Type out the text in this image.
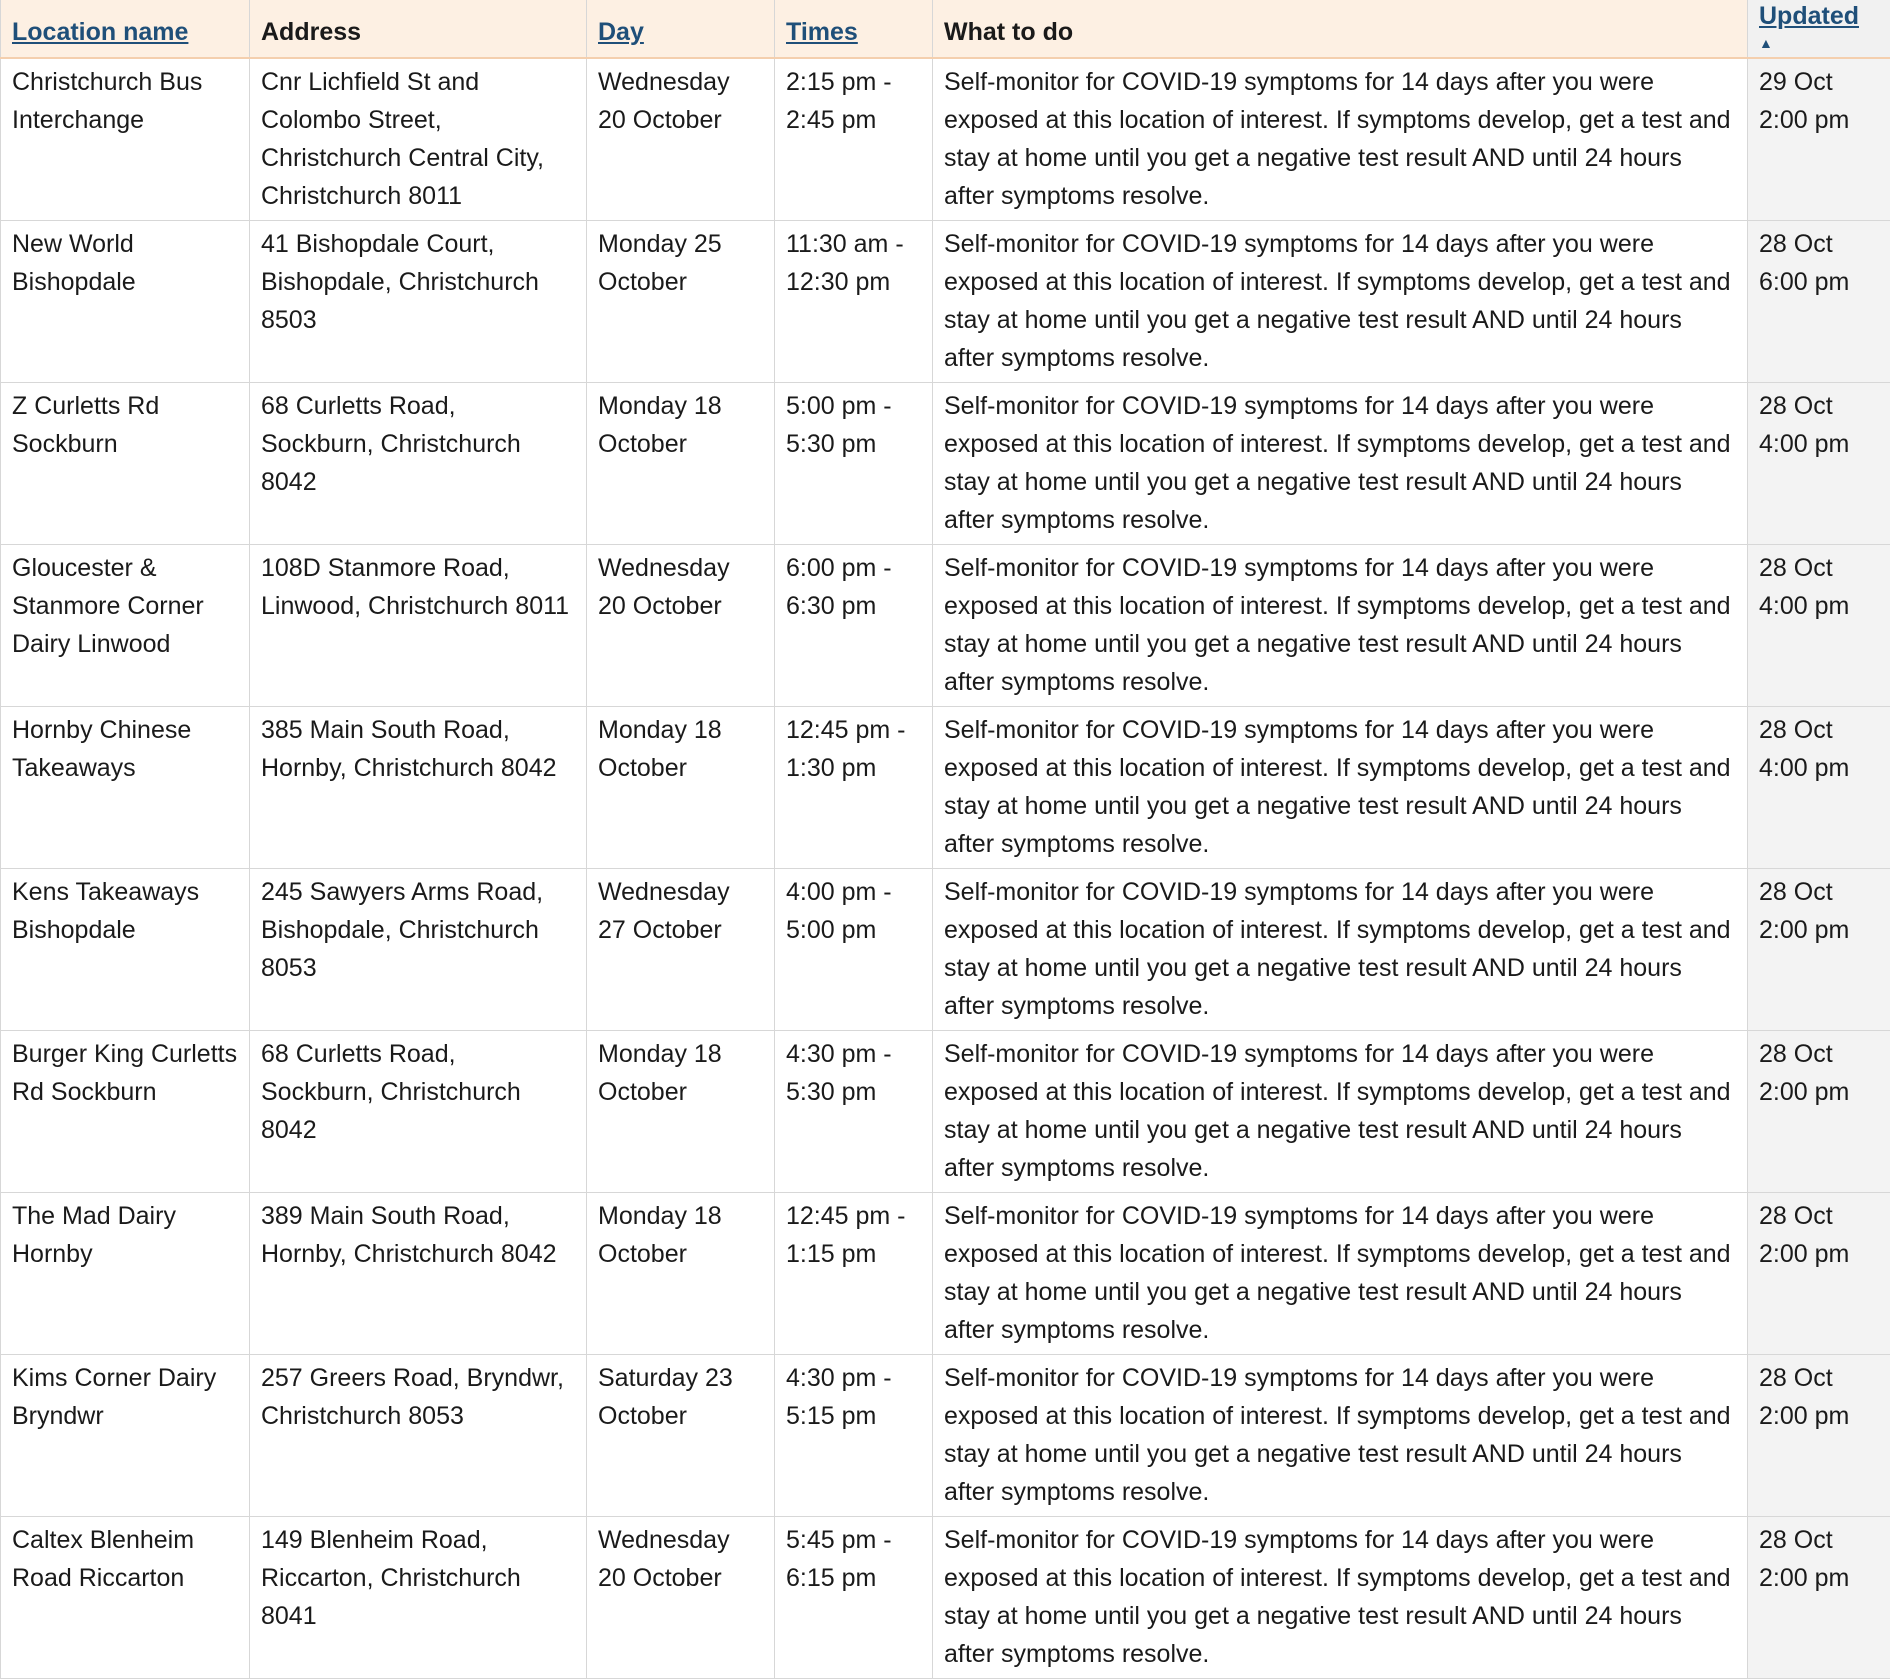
Location name	Address	Day	Times	What to do	Updated
▲

Christchurch Bus Interchange	Cnr Lichfield St and Colombo Street, Christchurch Central City, Christchurch 8011	Wednesday 20 October	2:15 pm - 2:45 pm	Self-monitor for COVID-19 symptoms for 14 days after you were exposed at this location of interest. If symptoms develop, get a test and stay at home until you get a negative test result AND until 24 hours after symptoms resolve.	29 Oct 2:00 pm
New World Bishopdale	41 Bishopdale Court, Bishopdale, Christchurch 8503	Monday 25 October	11:30 am - 12:30 pm	Self-monitor for COVID-19 symptoms for 14 days after you were exposed at this location of interest. If symptoms develop, get a test and stay at home until you get a negative test result AND until 24 hours after symptoms resolve.	28 Oct 6:00 pm
Z Curletts Rd Sockburn	68 Curletts Road, Sockburn, Christchurch 8042	Monday 18 October	5:00 pm - 5:30 pm	Self-monitor for COVID-19 symptoms for 14 days after you were exposed at this location of interest. If symptoms develop, get a test and stay at home until you get a negative test result AND until 24 hours after symptoms resolve.	28 Oct 4:00 pm
Gloucester & Stanmore Corner Dairy Linwood	108D Stanmore Road, Linwood, Christchurch 8011	Wednesday 20 October	6:00 pm - 6:30 pm	Self-monitor for COVID-19 symptoms for 14 days after you were exposed at this location of interest. If symptoms develop, get a test and stay at home until you get a negative test result AND until 24 hours after symptoms resolve.	28 Oct 4:00 pm
Hornby Chinese Takeaways	385 Main South Road, Hornby, Christchurch 8042	Monday 18 October	12:45 pm - 1:30 pm	Self-monitor for COVID-19 symptoms for 14 days after you were exposed at this location of interest. If symptoms develop, get a test and stay at home until you get a negative test result AND until 24 hours after symptoms resolve.	28 Oct 4:00 pm
Kens Takeaways Bishopdale	245 Sawyers Arms Road, Bishopdale, Christchurch 8053	Wednesday 27 October	4:00 pm - 5:00 pm	Self-monitor for COVID-19 symptoms for 14 days after you were exposed at this location of interest. If symptoms develop, get a test and stay at home until you get a negative test result AND until 24 hours after symptoms resolve.	28 Oct 2:00 pm
Burger King Curletts Rd Sockburn	68 Curletts Road, Sockburn, Christchurch 8042	Monday 18 October	4:30 pm - 5:30 pm	Self-monitor for COVID-19 symptoms for 14 days after you were exposed at this location of interest. If symptoms develop, get a test and stay at home until you get a negative test result AND until 24 hours after symptoms resolve.	28 Oct 2:00 pm
The Mad Dairy Hornby	389 Main South Road, Hornby, Christchurch 8042	Monday 18 October	12:45 pm - 1:15 pm	Self-monitor for COVID-19 symptoms for 14 days after you were exposed at this location of interest. If symptoms develop, get a test and stay at home until you get a negative test result AND until 24 hours after symptoms resolve.	28 Oct 2:00 pm
Kims Corner Dairy Bryndwr	257 Greers Road, Bryndwr, Christchurch 8053	Saturday 23 October	4:30 pm - 5:15 pm	Self-monitor for COVID-19 symptoms for 14 days after you were exposed at this location of interest. If symptoms develop, get a test and stay at home until you get a negative test result AND until 24 hours after symptoms resolve.	28 Oct 2:00 pm
Caltex Blenheim Road Riccarton	149 Blenheim Road, Riccarton, Christchurch 8041	Wednesday 20 October	5:45 pm - 6:15 pm	Self-monitor for COVID-19 symptoms for 14 days after you were exposed at this location of interest. If symptoms develop, get a test and stay at home until you get a negative test result AND until 24 hours after symptoms resolve.	28 Oct 2:00 pm
